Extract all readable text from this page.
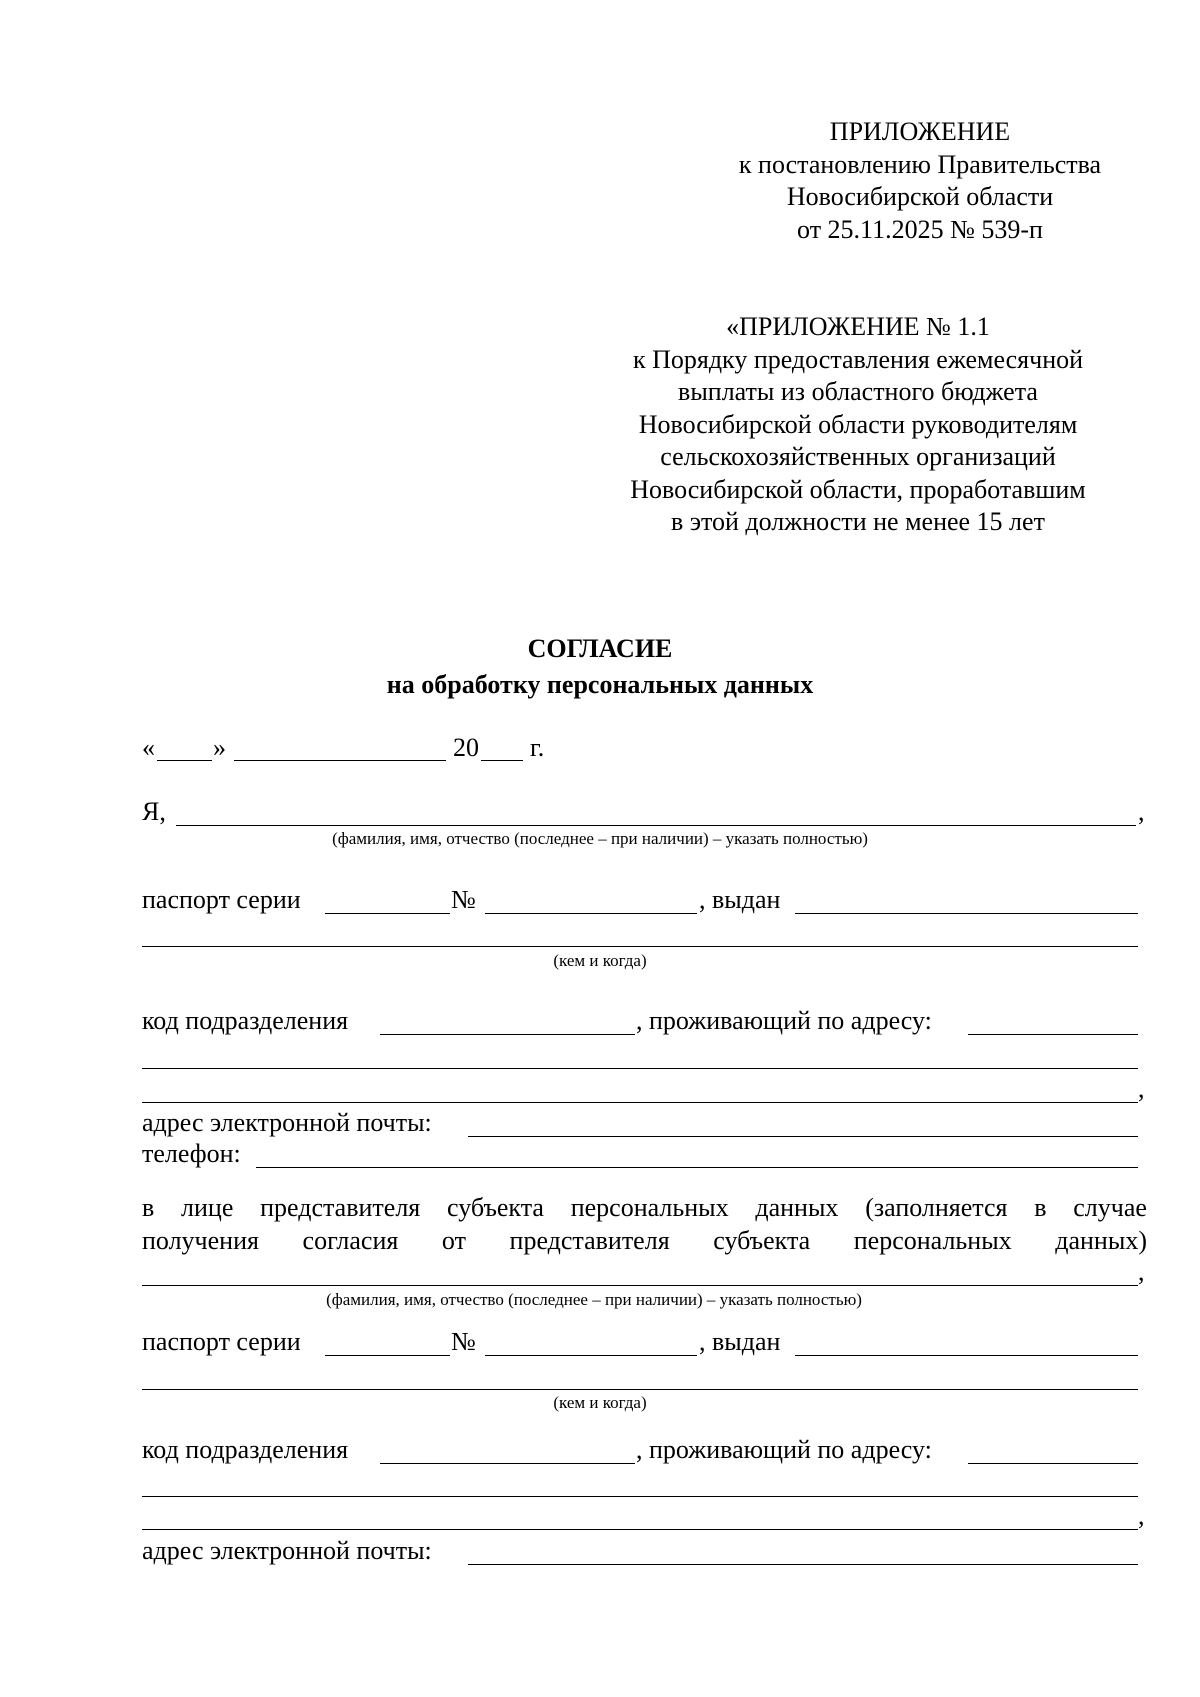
ПРИЛОЖЕНИЕ
к постановлению Правительства
Новосибирской области
от 25.11.2025 № 539-п
«ПРИЛОЖЕНИЕ № 1.1
к Порядку предоставления ежемесячной
выплаты из областного бюджета
Новосибирской области руководителям
сельскохозяйственных организаций
Новосибирской области, проработавшим
в этой должности не менее 15 лет
СОГЛАСИЕ
на обработку персональных данных
« »	20 г.
Я,	,
(фамилия, имя, отчество (последнее – при наличии) – указать полностью)
паспорт серии	№	, выдан
(кем и когда)
код подразделения	, проживающий по адресу:
,
адрес электронной почты:
телефон:
в лице представителя субъекта персональных данных (заполняется в случае
получения согласия от представителя субъекта персональных данных)
,
(фамилия, имя, отчество (последнее – при наличии) – указать полностью)
паспорт серии	№	, выдан
(кем и когда)
код подразделения	, проживающий по адресу:
,
адрес электронной почты:
